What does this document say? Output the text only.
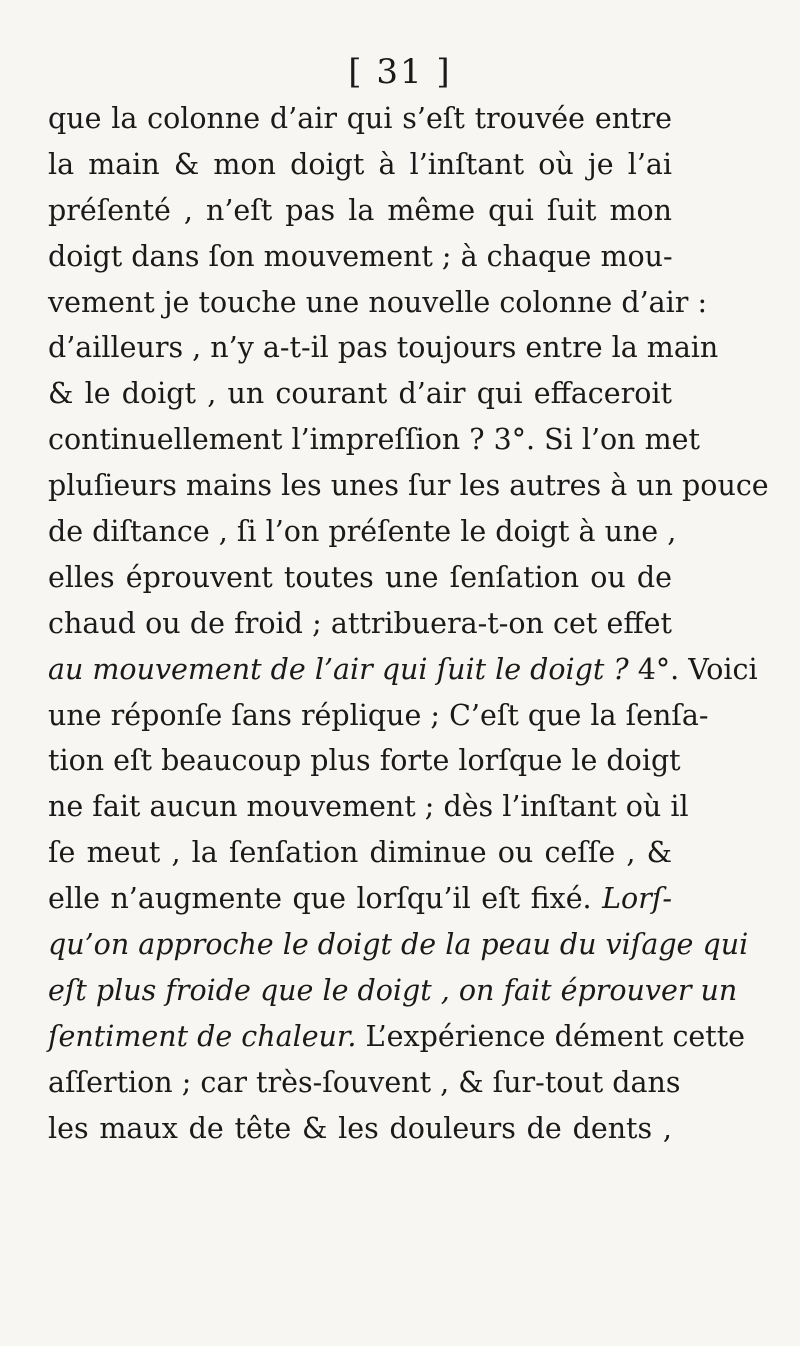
[ 31 ]
que la colonne d’air qui s’eſt trouvée entre
la main & mon doigt à l’inſtant où je l’ai
préſenté , n’eſt pas la même qui ſuit mon
doigt dans ſon mouvement ; à chaque mou-
vement je touche une nouvelle colonne d’air :
d’ailleurs , n’y a-t-il pas toujours entre la main
& le doigt , un courant d’air qui effaceroit
continuellement l’impreſſion ? 3°. Si l’on met
pluſieurs mains les unes ſur les autres à un pouce
de diſtance , ſi l’on préſente le doigt à une ,
elles éprouvent toutes une ſenſation ou de
chaud ou de froid ; attribuera-t-on cet effet
au mouvement de l’air qui ſuit le doigt ? 4°. Voici
une réponſe ſans réplique ; C’eſt que la ſenſa-
tion eſt beaucoup plus forte lorſque le doigt
ne fait aucun mouvement ; dès l’inſtant où il
ſe meut , la ſenſation diminue ou ceſſe , &
elle n’augmente que lorſqu’il eſt fixé. Lorſ-
qu’on approche le doigt de la peau du viſage qui
eſt plus froide que le doigt , on fait éprouver un
ſentiment de chaleur. L’expérience dément cette
aſſertion ; car très-ſouvent , & ſur-tout dans
les maux de tête & les douleurs de dents ,
